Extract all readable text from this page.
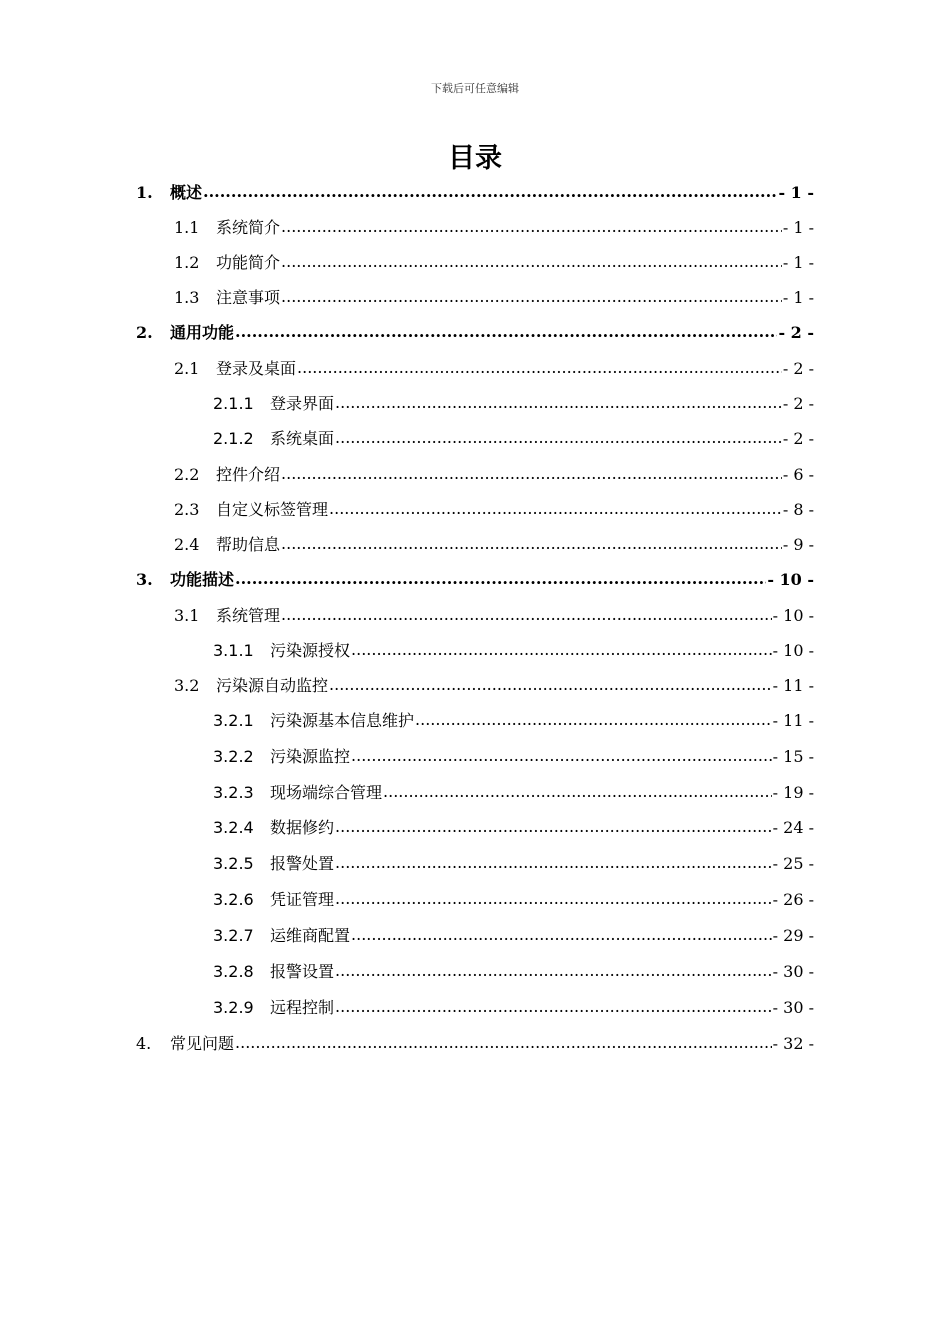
下载后可任意编辑
目录
1.	概述 .....	- 1 -
1.1	系统简介 .....	- 1 -
1.2	功能简介 .....	- 1 -
1.3	注意事项 .....	- 1 -
2.	通用功能 .....	- 2 -
2.1	登录及桌面 .....	- 2 -
2.1.1	登录界面 .....	- 2 -
2.1.2	系统桌面 .....	- 2 -
2.2	控件介绍 .....	- 6 -
2.3	自定义标签管理 .....	- 8 -
2.4	帮助信息 .....	- 9 -
3.	功能描述 .....	- 10 -
3.1	系统管理 .....	- 10 -
3.1.1	污染源授权 .....	- 10 -
3.2	污染源自动监控 .....	- 11 -
3.2.1	污染源基本信息维护 .....	- 11 -
3.2.2	污染源监控 .....	- 15 -
3.2.3	现场端综合管理 .....	- 19 -
3.2.4	数据修约 .....	- 24 -
3.2.5	报警处置 .....	- 25 -
3.2.6	凭证管理 .....	- 26 -
3.2.7	运维商配置 .....	- 29 -
3.2.8	报警设置 .....	- 30 -
3.2.9	远程控制 .....	- 30 -
4.	常见问题 .....	- 32 -
